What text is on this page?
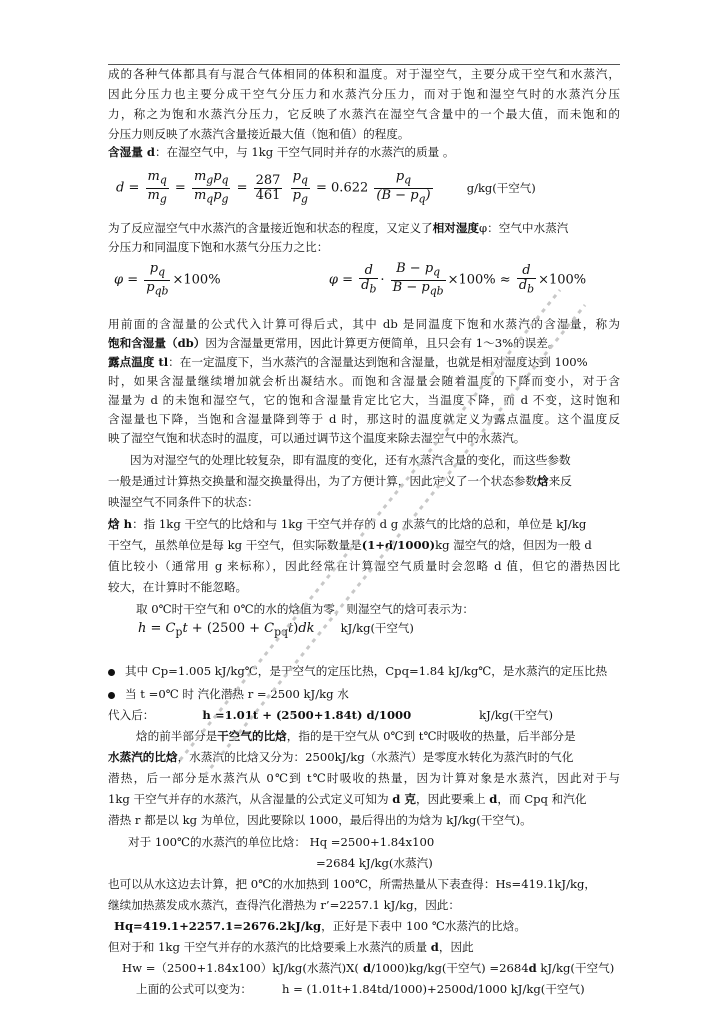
成的各种气体都具有与混合气体相同的体积和温度。对于湿空气，主要分成干空气和水蒸汽，
因此分压力也主要分成干空气分压力和水蒸汽分压力，而对于饱和湿空气时的水蒸汽分压
力，称之为饱和水蒸汽分压力，它反映了水蒸汽在湿空气含量中的一个最大值，而未饱和的
分压力则反映了水蒸汽含量接近最大值（饱和值）的程度。
含湿量 d：在湿空气中，与 1kg 干空气同时并存的水蒸汽的质量 。
$d = \frac{m_q}{m_g} = \frac{m_gp_q}{m_qp_g} = \frac{287}{461}$
$\frac{p_q}{p_g} = 0.622 \frac{p_q}{(B - p_q)}$	g/kg(干空气)
为了反应湿空气中水蒸汽的含量接近饱和状态的程度，又定义了相对湿度φ：空气中水蒸汽
分压力和同温度下饱和水蒸气分压力之比：
$\varphi = \frac{p_q}{p_{qb}} \times 100\%$	$\varphi = \frac{d}{d_b} \cdot \frac{B - p_q}{B - p_{qb}} \times 100\% \approx \frac{d}{d_b} \times 100\%$
用前面的含湿量的公式代入计算可得后式，其中 db 是同温度下饱和水蒸汽的含湿量，称为
饱和含湿量（db）因为含湿量更常用，因此计算更方便简单，且只会有 1～3%的误差。
露点温度 tl：在一定温度下，当水蒸汽的含湿量达到饱和含湿量，也就是相对湿度达到 100%
时，如果含湿量继续增加就会析出凝结水。而饱和含湿量会随着温度的下降而变小，对于含
湿量为 d 的未饱和湿空气，它的饱和含湿量肯定比它大，当温度下降，而 d 不变，这时饱和
含湿量也下降，当饱和含湿量降到等于 d 时，那这时的温度就定义为露点温度。这个温度反
映了湿空气饱和状态时的温度，可以通过调节这个温度来除去湿空气中的水蒸汽。
因为对湿空气的处理比较复杂，即有温度的变化，还有水蒸汽含量的变化，而这些参数
一般是通过计算热交换量和湿交换量得出，为了方便计算，因此定义了一个状态参数焓来反
映湿空气不同条件下的状态：
焓 h：指 1kg 干空气的比焓和与 1kg 干空气并存的 d g 水蒸气的比焓的总和，单位是 kJ/kg
干空气，虽然单位是每 kg 干空气，但实际数量是(1+d/1000)kg 湿空气的焓，但因为一般 d
值比较小（通常用 g 来标称），因此经常在计算湿空气质量时会忽略 d 值，但它的潜热因比
较大，在计算时不能忽略。
取 0℃时干空气和 0℃的水的焓值为零，则湿空气的焓可表示为：
$h = C_pt + (2500 + C_{pq}t)dk$ kJ/kg(干空气)
其中 Cp=1.005 kJ/kg℃，是干空气的定压比热，Cpq=1.84 kJ/kg℃，是水蒸汽的定压比热
当 t =0℃ 时 汽化潜热 r = 2500 kJ/kg 水
代入后：	h =1.01t + (2500+1.84t) d/1000	kJ/kg(干空气)
焓的前半部分是干空气的比焓，指的是干空气从 0℃到 t℃时吸收的热量，后半部分是
水蒸汽的比焓，水蒸汽的比焓又分为：2500kJ/kg（水蒸汽）是零度水转化为蒸汽时的气化
潜热，后一部分是水蒸汽从 0℃到 t℃时吸收的热量，因为计算对象是水蒸汽，因此对于与
1kg 干空气并存的水蒸汽，从含湿量的公式定义可知为 d 克，因此要乘上 d，而 Cpq 和汽化
潜热 r 都是以 kg 为单位，因此要除以 1000，最后得出的为焓为 kJ/kg(干空气)。
对于 100℃的水蒸汽的单位比焓： Hq =2500+1.84x100
=2684 kJ/kg(水蒸汽)
也可以从水这边去计算，把 0℃的水加热到 100℃，所需热量从下表查得：Hs=419.1kJ/kg，
继续加热蒸发成水蒸汽，查得汽化潜热为 r’=2257.1 kJ/kg，因此：
Hq=419.1+2257.1=2676.2kJ/kg，正好是下表中 100 ℃水蒸汽的比焓。
但对于和 1kg 干空气并存的水蒸汽的比焓要乘上水蒸汽的质量 d，因此
Hw =（2500+1.84x100）kJ/kg(水蒸汽)X( d/1000)kg/kg(干空气) =2684d kJ/kg(干空气)
上面的公式可以变为：	h = (1.01t+1.84td/1000)+2500d/1000 kJ/kg(干空气)
